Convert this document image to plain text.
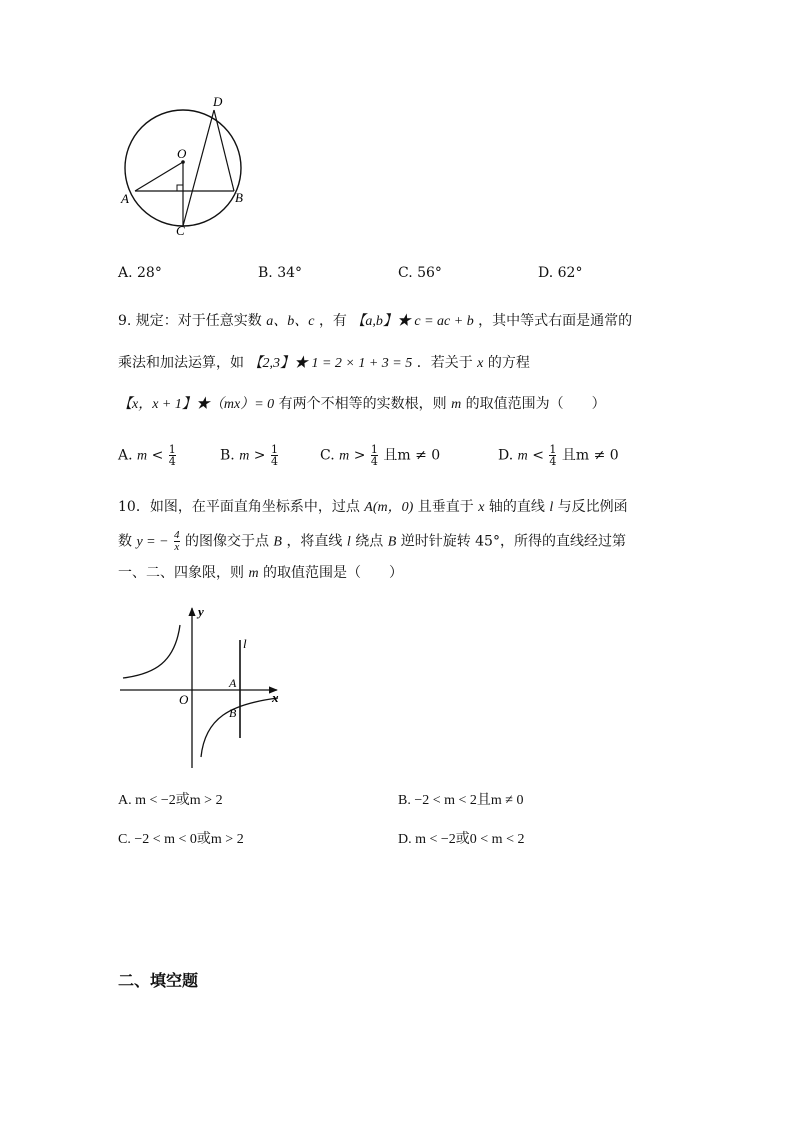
D
O
A	B
C
A. 28°	B. 34°	C. 56°	D. 62°
9. 规定：对于任意实数 a、b、c ，有 【a,b】★ c = ac + b ，其中等式右面是通常的
乘法和加法运算，如 【2,3】★ 1 = 2 × 1 + 3 = 5 ．若关于 x 的方程
【x，x + 1】★（mx）= 0 有两个不相等的实数根，则 m 的取值范围为（　　）
A. $m < \frac{1}{4}$	B. $m > \frac{1}{4}$	C. $m > \frac{1}{4}$ 且m ≠ 0	D. $m < \frac{1}{4}$ 且m ≠ 0
10．如图，在平面直角坐标系中，过点 A(m，0) 且垂直于 x 轴的直线 l 与反比例函
数 y = − $\frac{4}{x}$ 的图像交于点 B ，将直线 l 绕点 B 逆时针旋转 45°，所得的直线经过第
一、二、四象限，则 m 的取值范围是（　　）
y
x
O
A
B
l
A. m < −2或m > 2	B. −2 < m < 2且m ≠ 0
C. −2 < m < 0或m > 2	D. m < −2或0 < m < 2
二、填空题
